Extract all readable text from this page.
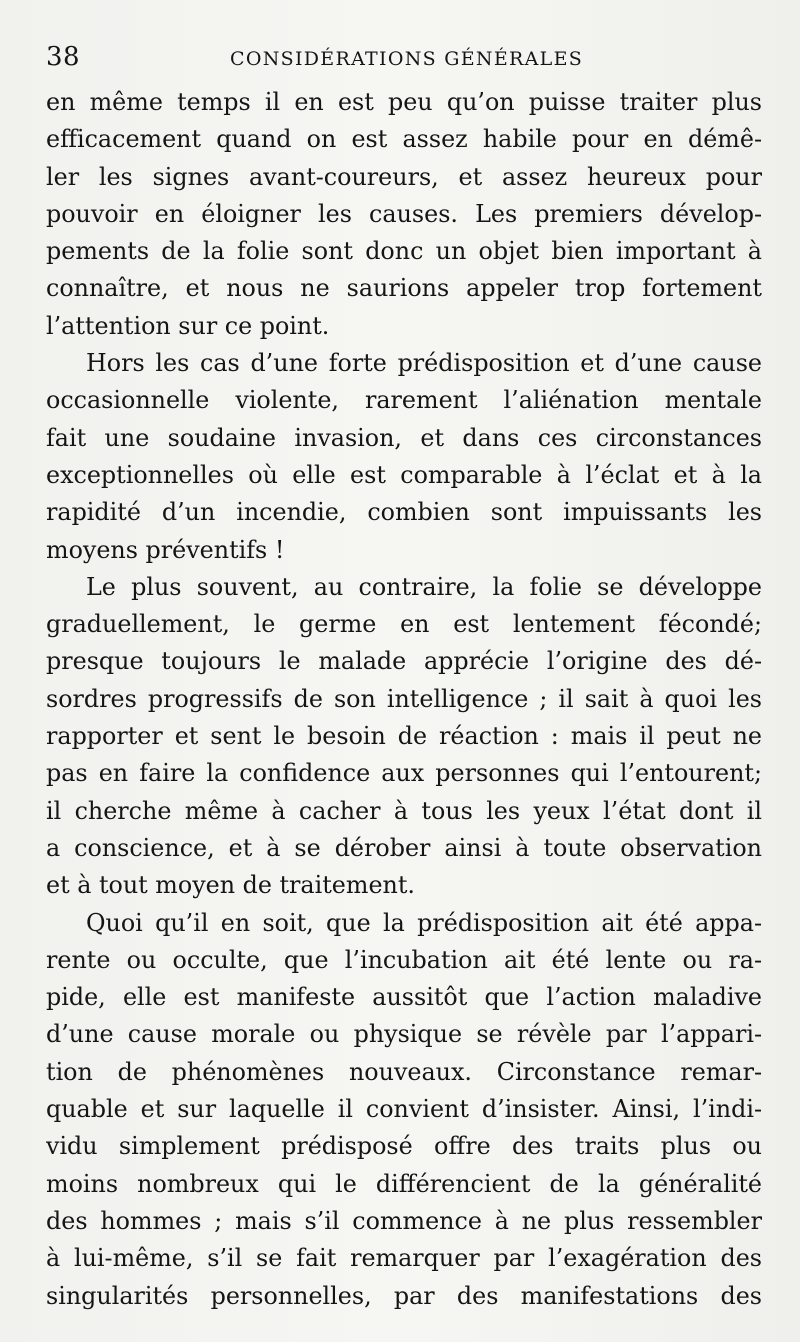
38	CONSIDÉRATIONS GÉNÉRALES
en même temps il en est peu qu’on puisse traiter plus
efficacement quand on est assez habile pour en démê-
ler les signes avant-coureurs, et assez heureux pour
pouvoir en éloigner les causes. Les premiers dévelop-
pements de la folie sont donc un objet bien important à
connaître, et nous ne saurions appeler trop fortement
l’attention sur ce point.
Hors les cas d’une forte prédisposition et d’une cause
occasionnelle violente, rarement l’aliénation mentale
fait une soudaine invasion, et dans ces circonstances
exceptionnelles où elle est comparable à l’éclat et à la
rapidité d’un incendie, combien sont impuissants les
moyens préventifs !
Le plus souvent, au contraire, la folie se développe
graduellement, le germe en est lentement fécondé;
presque toujours le malade apprécie l’origine des dé-
sordres progressifs de son intelligence ; il sait à quoi les
rapporter et sent le besoin de réaction : mais il peut ne
pas en faire la confidence aux personnes qui l’entourent;
il cherche même à cacher à tous les yeux l’état dont il
a conscience, et à se dérober ainsi à toute observation
et à tout moyen de traitement.
Quoi qu’il en soit, que la prédisposition ait été appa-
rente ou occulte, que l’incubation ait été lente ou ra-
pide, elle est manifeste aussitôt que l’action maladive
d’une cause morale ou physique se révèle par l’appari-
tion de phénomènes nouveaux. Circonstance remar-
quable et sur laquelle il convient d’insister. Ainsi, l’indi-
vidu simplement prédisposé offre des traits plus ou
moins nombreux qui le différencient de la généralité
des hommes ; mais s’il commence à ne plus ressembler
à lui-même, s’il se fait remarquer par l’exagération des
singularités personnelles, par des manifestations des
